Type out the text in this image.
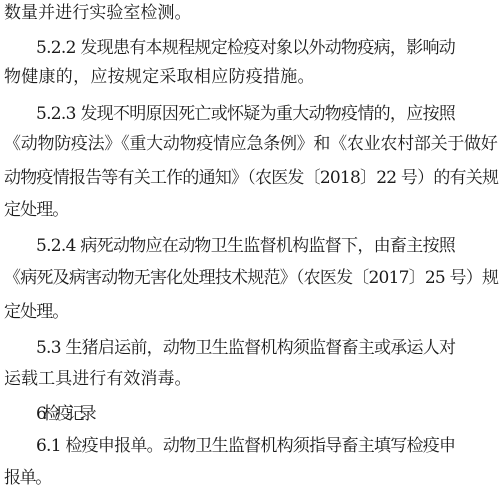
数量并进行实验室检测。
5.2.2 发现患有本规程规定检疫对象以外动物疫病，影响动
物健康的，应按规定采取相应防疫措施。
5.2.3 发现不明原因死亡或怀疑为重大动物疫情的，应按照
《动物防疫法》《重大动物疫情应急条例》和《农业农村部关于做好
动物疫情报告等有关工作的通知》（农医发〔2018〕22 号）的有关规
定处理。
5.2.4 病死动物应在动物卫生监督机构监督下，由畜主按照
《病死及病害动物无害化处理技术规范》（农医发〔2017〕25 号）规
定处理。
5.3 生猪启运前，动物卫生监督机构须监督畜主或承运人对
运载工具进行有效消毒。
6. 检疫记录
6.1 检疫申报单。动物卫生监督机构须指导畜主填写检疫申
报单。
